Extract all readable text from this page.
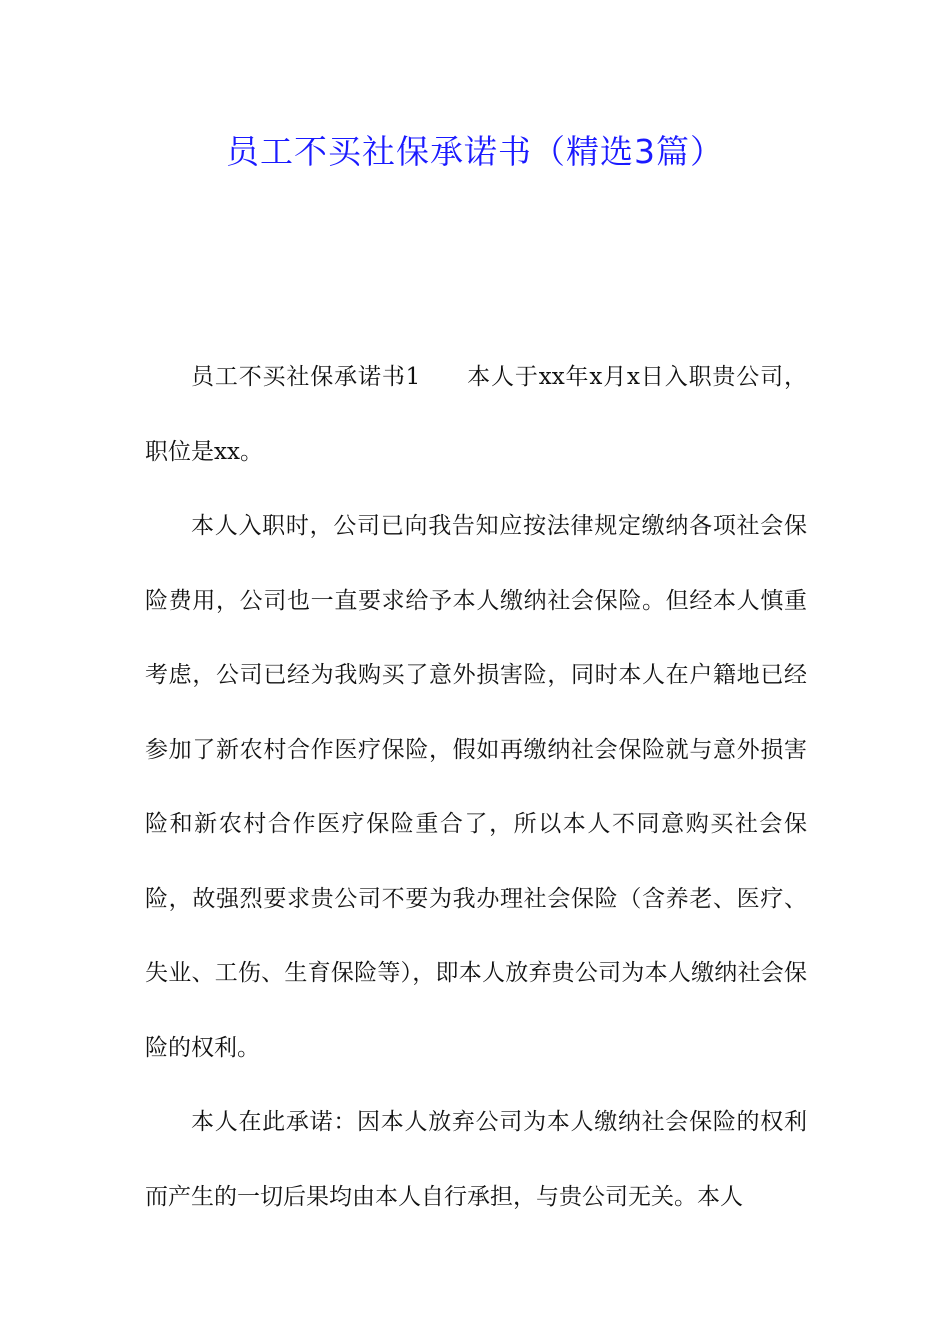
员工不买社保承诺书（精选3篇）

员工不买社保承诺书1 本人于xx年x月x日入职贵公司，职位是xx。

本人入职时，公司已向我告知应按法律规定缴纳各项社会保险费用，公司也一直要求给予本人缴纳社会保险。但经本人慎重考虑，公司已经为我购买了意外损害险，同时本人在户籍地已经参加了新农村合作医疗保险，假如再缴纳社会保险就与意外损害险和新农村合作医疗保险重合了，所以本人不同意购买社会保险，故强烈要求贵公司不要为我办理社会保险（含养老、医疗、失业、工伤、生育保险等），即本人放弃贵公司为本人缴纳社会保险的权利。

本人在此承诺：因本人放弃公司为本人缴纳社会保险的权利而产生的一切后果均由本人自行承担，与贵公司无关。本人
